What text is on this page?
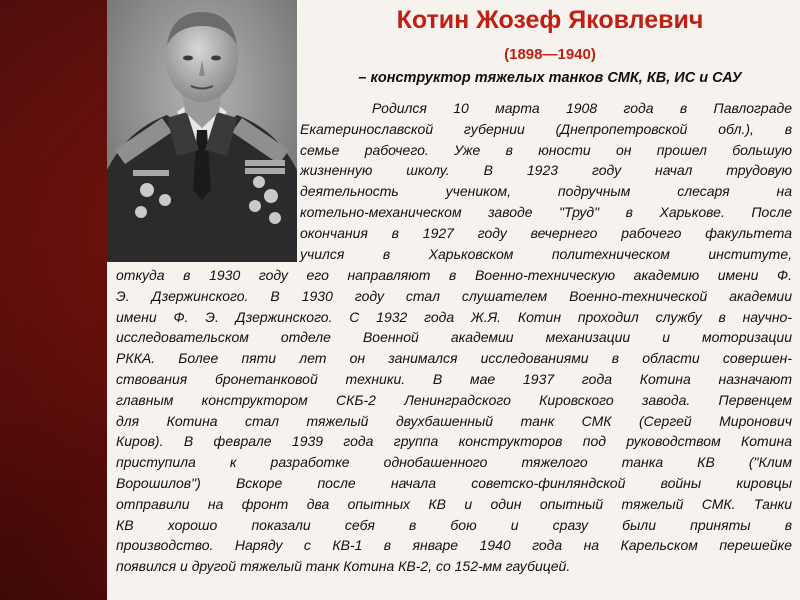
Котин Жозеф Яковлевич

(1898—1940)

– конструктор тяжелых танков СМК, КВ, ИС и САУ

Родился 10 марта 1908 года в Павлограде

Екатеринославской губернии (Днепропетровской обл.), в

семье рабочего. Уже в юности он прошел большую

жизненную школу. В 1923 году начал трудовую

деятельность учеником, подручным слесаря на

котельно-механическом заводе "Труд" в Харькове. После

окончания в 1927 году вечернего рабочего факультета

учился в Харьковском политехническом институте,

откуда в 1930 году его направляют в Военно-техническую академию имени Ф.

Э. Дзержинского. В 1930 году стал слушателем Военно-технической академии

имени Ф. Э. Дзержинского. С 1932 года Ж.Я. Котин проходил службу в научно-

исследовательском отделе Военной академии механизации и моторизации

РККА. Более пяти лет он занимался исследованиями в области совершен-

ствования бронетанковой техники. В мае 1937 года Котина назначают

главным конструктором СКБ-2 Ленинградского Кировского завода. Первенцем

для Котина стал тяжелый двухбашенный танк СМК (Сергей Миронович

Киров). В феврале 1939 года группа конструкторов под руководством Котина

приступила к разработке однобашенного тяжелого танка КВ ("Клим

Ворошилов") Вскоре после начала советско-финляндской войны кировцы

отправили на фронт два опытных КВ и один опытный тяжелый СМК. Танки

КВ хорошо показали себя в бою и сразу были приняты в

производство. Наряду с КВ-1 в январе 1940 года на Карельском перешейке

появился и другой тяжелый танк Котина КВ-2, со 152-мм гаубицей.
